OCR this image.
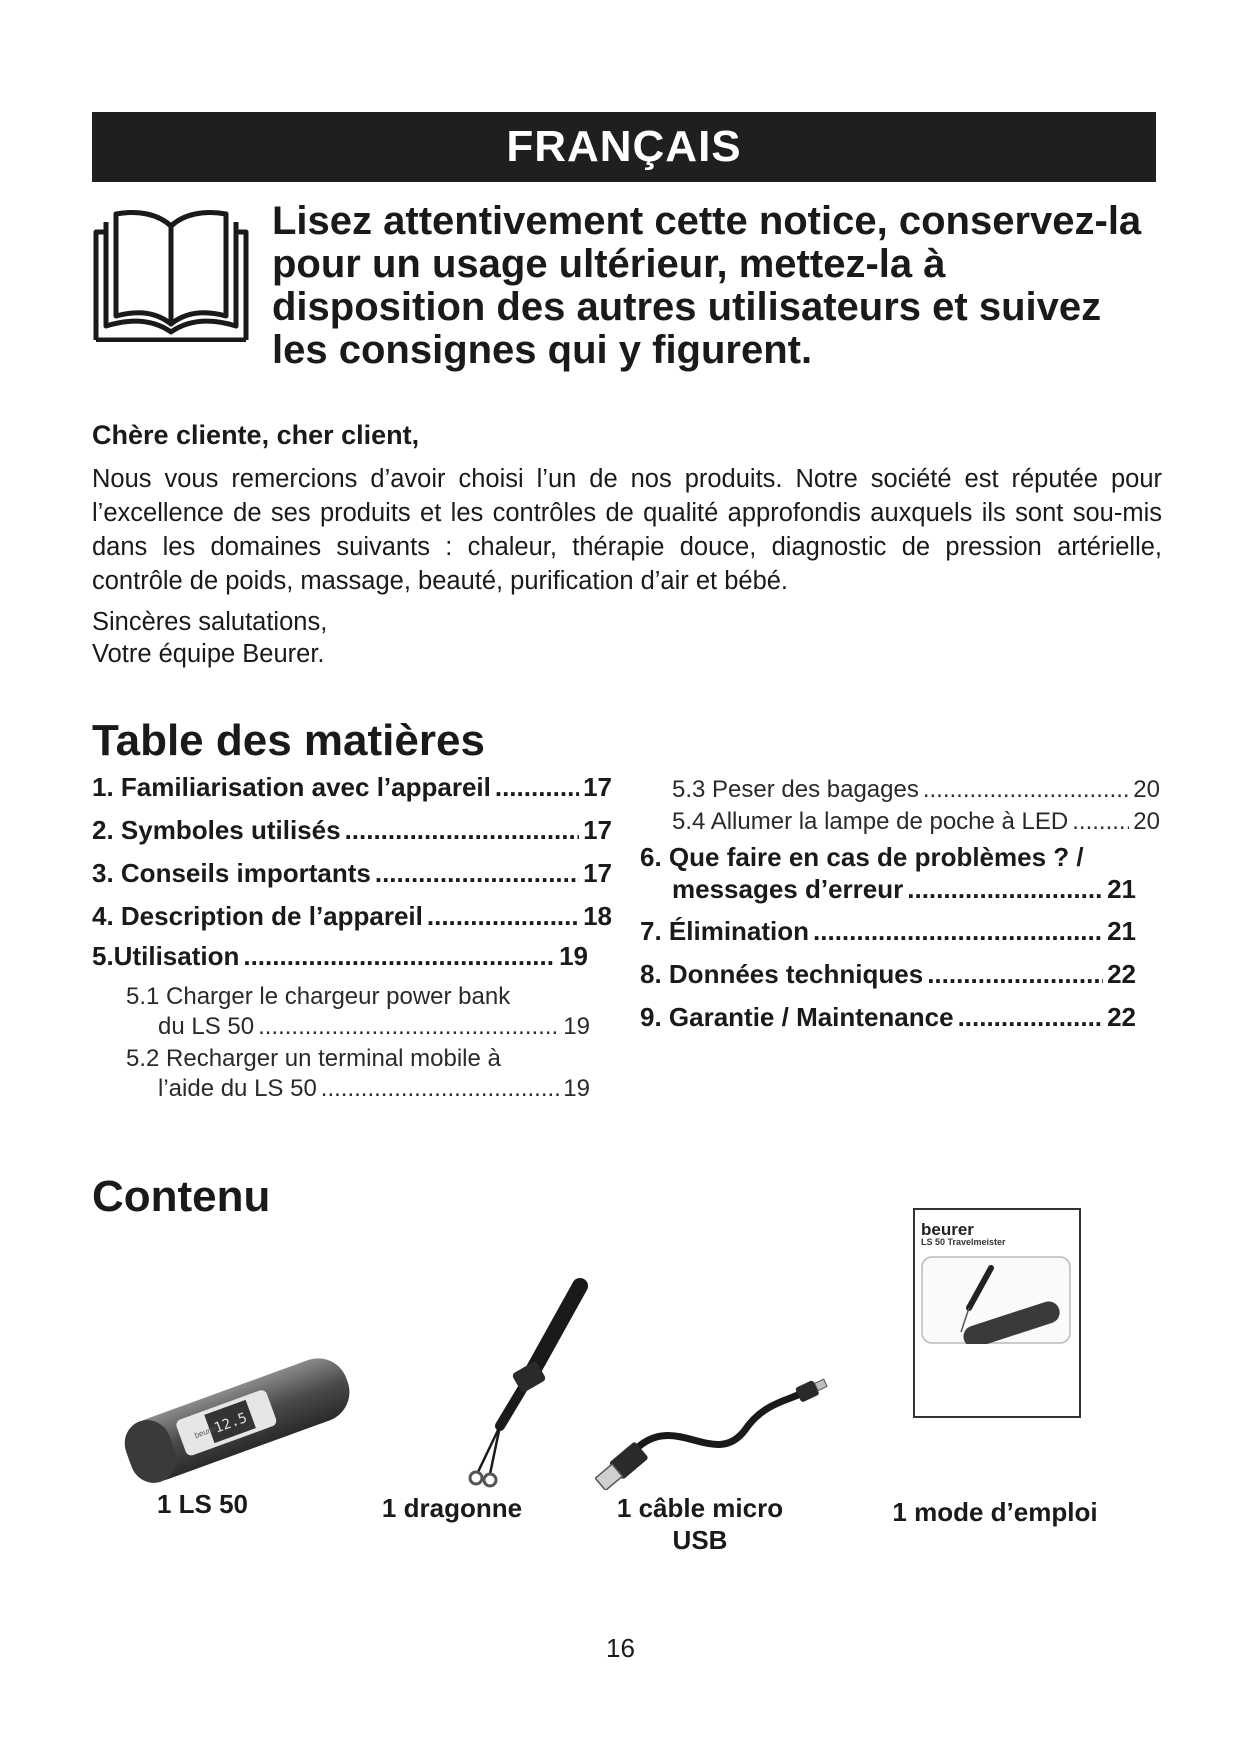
FRANÇAIS

Lisez attentivement cette notice, conservez-la pour un usage ultérieur, mettez-la à disposition des autres utilisateurs et suivez les consignes qui y figurent.

Chère cliente, cher client,

Nous vous remercions d’avoir choisi l’un de nos produits. Notre société est réputée pour l’excellence de ses produits et les contrôles de qualité approfondis auxquels ils sont sou-mis dans les domaines suivants : chaleur, thérapie douce, diagnostic de pression artérielle, contrôle de poids, massage, beauté, purification d’air et bébé.

Sincères salutations,
Votre équipe Beurer.

Table des matières
1. Familiarisation avec l’appareil .....	17
2. Symboles utilisés .....	17
3. Conseils importants .....	17
4. Description de l’appareil .....	18
5.Utilisation .....	19
5.1 Charger le chargeur power bank
du LS 50 .....	19
5.2 Recharger un terminal mobile à
l’aide du LS 50 .....	19
5.3 Peser des bagages .....	20
5.4 Allumer la lampe de poche à LED .....	20
6. Que faire en cas de problèmes ? /
messages d’erreur .....	21
7. Élimination .....	21
8. Données techniques .....	22
9. Garantie / Maintenance .....	22
Contenu
12.5
beurer
1 LS 50	1 dragonne	1 câble micro
USB
beurer
LS 50 Travelmeister
1 mode d’emploi
16
